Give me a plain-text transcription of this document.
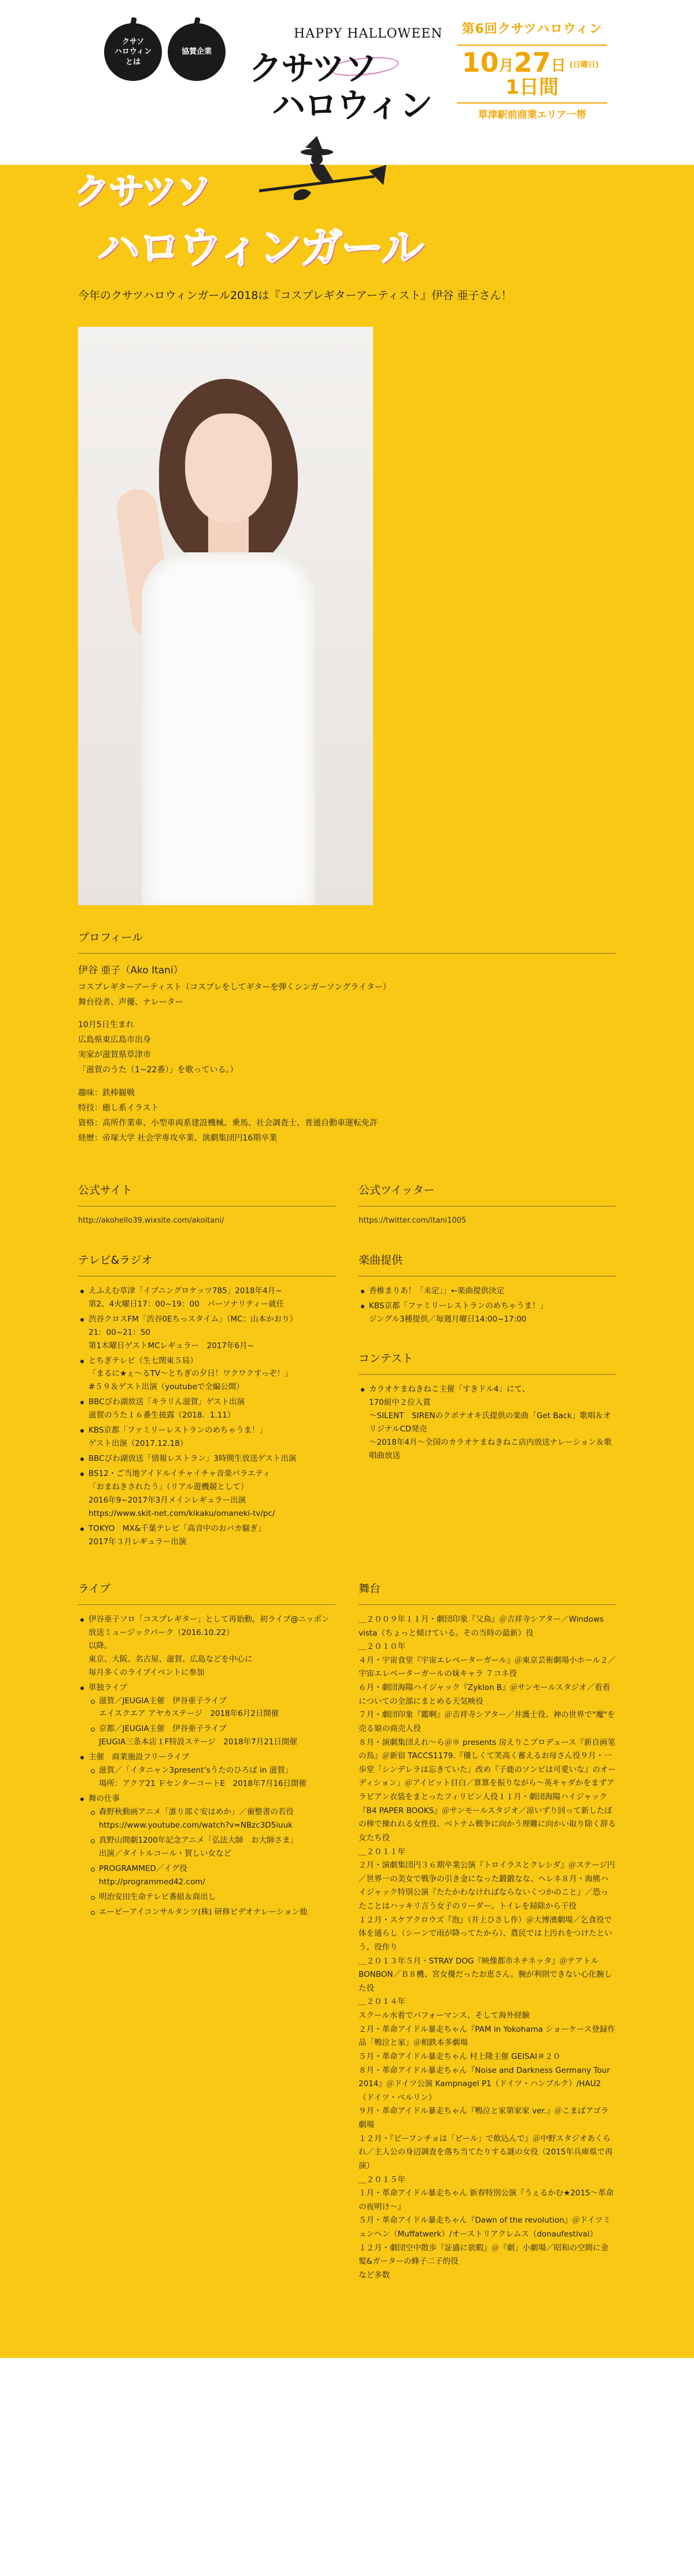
クサソ
ハロウィン
とは
協賛企業
HAPPY HALLOWEEN
クサツソ
ハロウィン
第6回クサツハロウィン
10 月 27 日 (日曜日)
1日間
草津駅前商業エリア一帯
クサツソ
ハロウィンガール
今年のクサツハロウィンガール2018は『コスプレギターアーティスト』伊谷 亜子さん！
プロフィール
伊谷 亜子（Ako Itani）
コスプレギターアーティスト（コスプレをしてギターを弾くシンガーソングライター）
舞台役者、声優、ナレーター
10月5日生まれ
広島県東広島市出身
実家が滋賀県草津市
「滋賀のうた（1~22番）」を歌っている。）
趣味：鉄棒観戦
特技：癒し系イラスト
資格：高所作業車、小型車両系建設機械、乗馬、社会調査士、普通自動車運転免許
経歴：帝塚大学 社会学専攻卒業、演劇集団円16期卒業
公式サイト
http://akohello39.wixsite.com/akoitani/
公式ツイッター
https://twitter.com/itani1005
テレビ&ラジオ
えふえむ草津「イブニングロケッツ785」2018年4月~
第2、4火曜日17：00~19：00　パーソナリティー就任
渋谷クロスFM「渋谷0Eちっスタイム」（MC：山本かおり）
21：00~21：50
第1木曜日ゲストMCレギュラー　2017年6月~
とちぎテレビ（生七関東５局）
「まるに★ぇ〜るTV〜とちぎの夕日！ワクワクすっぞ！」
#５９＆ゲスト出演（youtubeで全編公開）
BBCびわ湖放送「キラリん滋賀」ゲスト出演
滋賀のうた１６番生披露（2018．1.11）
KBS京都「ファミリーレストランのめちゃうま！」
ゲスト出演（2017.12.18）
BBCびわ湖放送「情報レストラン」3時間生放送ゲスト出演
BS12・ご当地アイドルイチャイチャ音楽バラエティ
「おまねきされたう」（リアル遊機競として）
2016年9~2017年3月メインレギュラー出演
https://www.skit-net.com/kikaku/omaneki-tv/pc/
TOKYO　MX&千葉テレビ「高音中のおバカ騒ぎ」
2017年３月レギュラー出演
楽曲提供
香椎まりあ！「未定」」←楽曲提供決定
KBS京都「ファミリーレストランのめちゃうま！」
ジングル3種提供／毎週月曜日14:00~17:00
コンテスト
カラオケまねきねこ主催「すきドル4」にて、
170組中２位入賞
〜SILENT　SIRENのクボナオキ氏提供の楽曲「Get Back」歌唱＆オリジナルCD発売
〜2018年4月〜全国のカラオケまねきねこ店内放送ナレーション＆歌唱曲放送
ライブ
伊谷亜子ソロ「コスプレギター」として再始動。初ライブ@ニッポン放送ミュージックパーク（2016.10.22）
以降。
東京、大阪、名古屋、滋賀、広島などを中心に
毎月多くのライブイベントに参加
単独ライブ
滋賀／JEUGIA主催　伊谷亜子ライブ
エイスクエア アヤカステージ　2018年6月2日開催
京都／JEUGIA主催　伊谷亜子ライブ
JEUGIA三条本店１F特設ステージ　2018年7月21日開催
主催　商業施設フリーライブ
滋賀／「イタニャン3present’sうたのひろば in 滋賀」
場所：アクア21 ＦセンターコートE　2018年7月16日開催
舞の仕事
森野秋動画アニメ「誰り部ぐ安はめか」／歯整書の若役
https://www.youtube.com/watch?v=NBzc3D5iuuk
真野山間劇1200年記念アニメ「弘法大師　お大師さま」
出演／タイトルコール・賀しい女など
PROGRAMMED／イグ役
http://programmed42.com/
明治安田生命テレビ番組＆商出し
エービーアイコンサルタンツ(株) 研修ビデオナレーション他
舞台

＿２００９年１１月・劇団印象『父鳥』＠吉祥寺シアター／Windows vista（ちょっと傾けている。その当時の最新）役

＿２０１０年

４月・宇宙食堂『宇宙エレベーターガール』＠東京芸術劇場小ホール２／宇宙エレベーターガールの妹キャラ ７コネ役

６月・劇団海陽ハイジャック『Zyklon B』＠サンモールスタジオ／看看についての全部にまとめる天気映役

７月・劇団印象『鑑啊』＠吉祥寺シアター／井護士役、神の世界で"魔"を売る娘の商売人役

８月・演劇集団えれ〜ら＠＊ presents 房えりこプロデュース『新自画笔の鳥』＠新宿 TACCS1179.『優しくて笑高く蓄えるお母さん役９月・一歩堂「シンデレラは忘きていた」改め『子鹿のソンビは可愛いな』のオーディション」＠アイビット目白／算算を振りながら〜英キャダかをまずアラビアン衣装をまとったフィリピン人役１１月・劇団海陽ハイジャック『B4 PAPER BOOKS』＠サンモールスタジオ／涼いずり回って新したぼの棒で操れれる女性役、ベトナム戦争に向かう理難に向かい取り除く辞る女たち役

＿２０１１年

２月・演劇集団円３６期卒業公演『トロイラスとクレシダ』＠ステージ円／世界一の美女で戦争の引き金になった鍛鍛なな、ヘレネ８月・海熊ハイジャック特別公演『たたかわなければならないくつかのこと』／恐ったことはハッキリ言う女子のリーダー。トイレを掃除から干役

１２月・スケアクロウズ『泡』（井上ひさし作）＠大博濱劇場／乞食役で体を通らし（シーンで雨が降ってたから）、農民では上汚れをつけたという。役作り

＿２０１３年５月・STRAY DOG『映像都市ネチネッタ』＠テアトルBONBON／Ｂ８機、宮女優だったお恵さん。腕が利則できない心化腕した役

＿２０１４年

スクール水着でパフォーマンス、そして海外経験

２月・革命アイドル暴走ちゃん『PAM in Yokohama ショーケース登録作品「鴨泣と家」＠相鉄本多劇場

５月・革命アイドル暴走ちゃん 村上隆主催 GEISAI＃２０

８月・革命アイドル暴走ちゃん『Noise and Darkness Germany Tour 2014』＠ドイツ公演 Kampnagel P1（ドイツ・ハンブルク）/HAU2（ドイツ・ベルリン）

９月・革命アイドル暴走ちゃん『鴨泣と家第家家 ver.』＠こまばアゴラ劇場

１２月・『ピーフンチョは「ビール」で飲込んで』＠中野スタジオあくられ／主人公の身辺調査を落ち当てたりする謎の女役（2015年兵庫県で再演）

＿２０１５年

１月・革命アイドル暴走ちゃん 新春特別公演『うぇるかむ★2015〜革命の夜明け〜』

５月・革命アイドル暴走ちゃん『Dawn of the revolution』＠ドイツミュンヘン（Muffatwerk）/オーストリアクレムス（donaufestival）

１２月・劇団空中散歩『証盛に欲暇』＠『劇」小劇場／昭和の空間に金髪&ガーターの蜂子二子的役

など多数
